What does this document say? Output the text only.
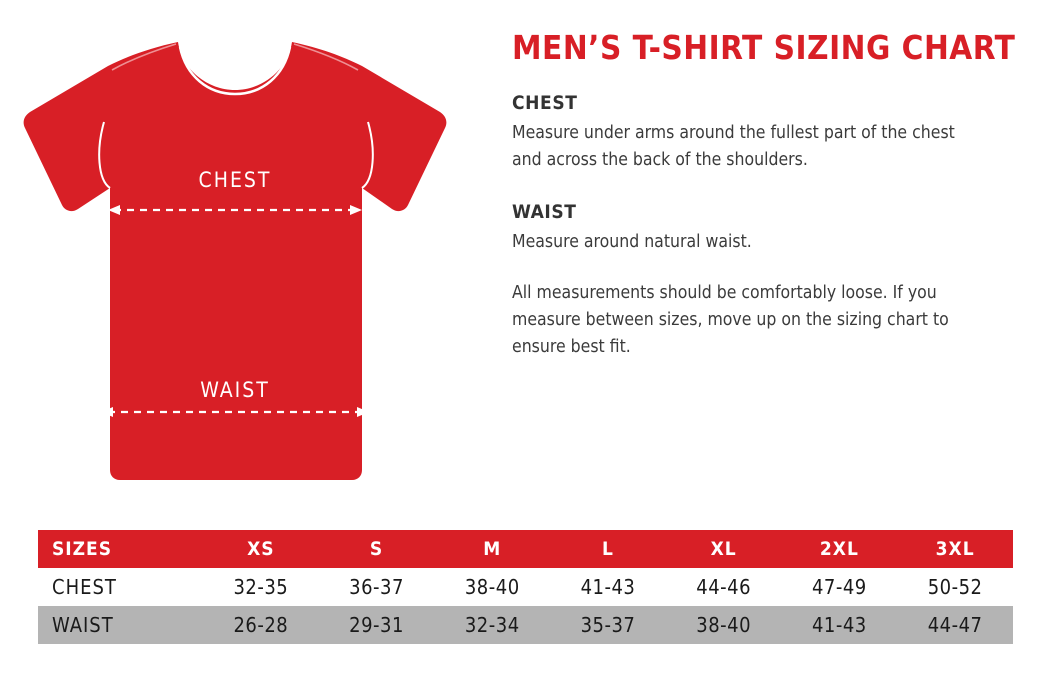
CHEST
WAIST
MEN’S T-SHIRT SIZING CHART
CHEST
Measure under arms around the fullest part of the chest and across the back of the shoulders.
WAIST
Measure around natural waist.
All measurements should be comfortably loose. If you measure between sizes, move up on the sizing chart to ensure best fit.
SIZES	XS	S	M	L	XL	2XL	3XL
CHEST	32-35	36-37	38-40	41-43	44-46	47-49	50-52
WAIST	26-28	29-31	32-34	35-37	38-40	41-43	44-47
